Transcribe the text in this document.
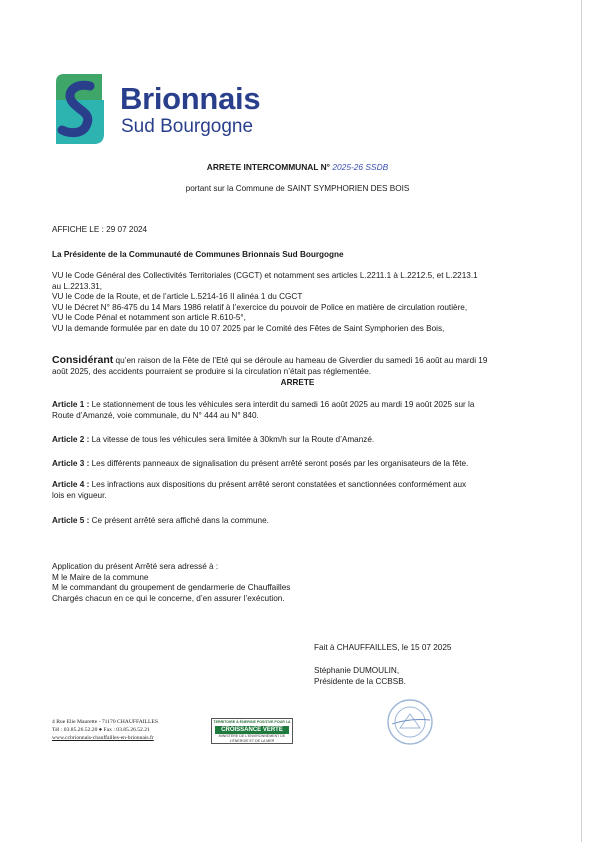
Brionnais
Sud Bourgogne
ARRETE INTERCOMMUNAL N° 2025-26 SSDB
portant sur la Commune de SAINT SYMPHORIEN DES BOIS
AFFICHE LE : 29 07 2024
La Présidente de la Communauté de Communes Brionnais Sud Bourgogne
VU le Code Général des Collectivités Territoriales (CGCT) et notamment ses articles L.2211.1 à L.2212.5, et L.2213.1
au L.2213.31,
VU le Code de la Route, et de l’article L.5214-16 II alinéa 1 du CGCT
VU le Décret N° 86-475 du 14 Mars 1986 relatif à l’exercice du pouvoir de Police en matière de circulation routière,
VU le Code Pénal et notamment son article R.610-5°,
VU la demande formulée par en date du 10 07 2025 par le Comité des Fêtes de Saint Symphorien des Bois,
Considérant qu’en raison de la Fête de l’Eté qui se déroule au hameau de Giverdier du samedi 16 août au mardi 19
août 2025, des accidents pourraient se produire si la circulation n’était pas réglementée.
ARRETE
Article 1 : Le stationnement de tous les véhicules sera interdit du samedi 16 août 2025 au mardi 19 août 2025 sur la
Route d’Amanzé, voie communale, du N° 444 au N° 840.
Article 2 : La vitesse de tous les véhicules sera limitée à 30km/h sur la Route d’Amanzé.
Article 3 : Les différents panneaux de signalisation du présent arrêté seront posés par les organisateurs de la fête.
Article 4 : Les infractions aux dispositions du présent arrêté seront constatées et sanctionnées conformément aux
lois en vigueur.
Article 5 : Ce présent arrêté sera affiché dans la commune.
Application du présent Arrêté sera adressé à :
M le Maire de la commune
M le commandant du groupement de gendarmerie de Chauffailles
Chargés chacun en ce qui le concerne, d’en assurer l’exécution.
Fait à CHAUFFAILLES, le 15 07 2025
Stéphanie DUMOULIN,
Présidente de la CCBSB.
4 Rue Elie Maurette - 71170 CHAUFFAILLES
Tél : 03.85.26.52.20 ● Fax : 03.85.26.52.21
www.ccbrionnais-chauffailles-en-brionnais.fr
TERRITOIRE À ÉNERGIE POSITIVE POUR LA
CROISSANCE VERTE
MINISTÈRE DE L’ENVIRONNEMENT DE L’ÉNERGIE ET DE LA MER
